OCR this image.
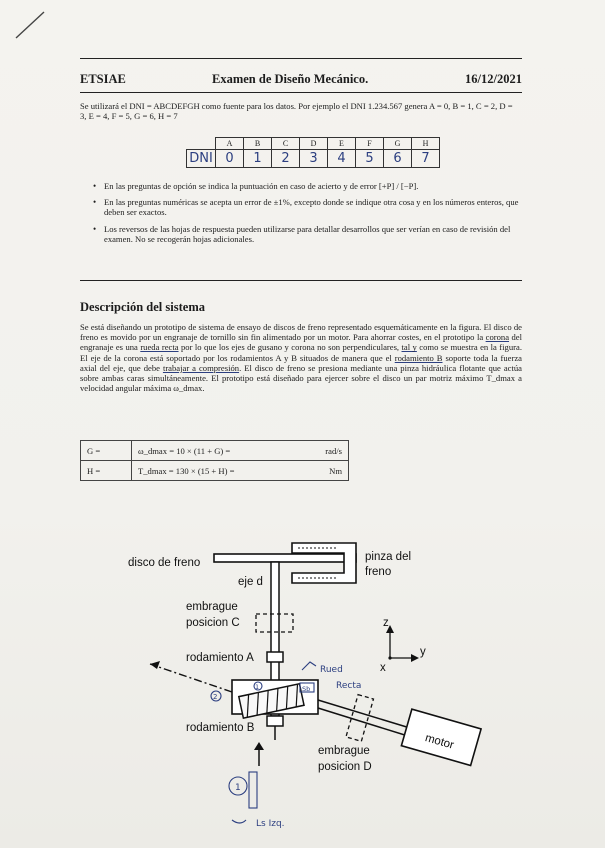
ETSIAE	Examen de Diseño Mecánico.	16/12/2021
Se utilizará el DNI = ABCDEFGH como fuente para los datos. Por ejemplo el DNI 1.234.567 genera A = 0, B = 1, C = 2, D = 3, E = 4, F = 5, G = 6, H = 7
	A	B	C	D	E	F	G	H
DNI	0	1	2	3	4	5	6	7
• En las preguntas de opción se indica la puntuación en caso de acierto y de error [+P] / [−P].
• En las preguntas numéricas se acepta un error de ±1%, excepto donde se indique otra cosa y en los números enteros, que deben ser exactos.
• Los reversos de las hojas de respuesta pueden utilizarse para detallar desarrollos que ser verían en caso de revisión del examen. No se recogerán hojas adicionales.
Descripción del sistema
Se está diseñando un prototipo de sistema de ensayo de discos de freno representado esquemáticamente en la figura. El disco de freno es movido por un engranaje de tornillo sin fin alimentado por un motor. Para ahorrar costes, en el prototipo la corona del engranaje es una rueda recta por lo que los ejes de gusano y corona no son perpendiculares, tal y como se muestra en la figura. El eje de la corona está soportado por los rodamientos A y B situados de manera que el rodamiento B soporte toda la fuerza axial del eje, que debe trabajar a compresión. El disco de freno se presiona mediante una pinza hidráulica flotante que actúa sobre ambas caras simultáneamente. El prototipo está diseñado para ejercer sobre el disco un par motriz máximo T_dmax a velocidad angular máxima ω_dmax.
G =	ω_dmax = 10 × (11 + G) =	rad/s
H =	T_dmax = 130 × (15 + H) =	Nm
disco de freno	pinza del
freno
eje d
embrague
posicion C
rodamiento A
rodamiento B
embrague
posicion D
motor
z
y
x
Rued
Recta
2
1	Sb
1
Ls Izq.
